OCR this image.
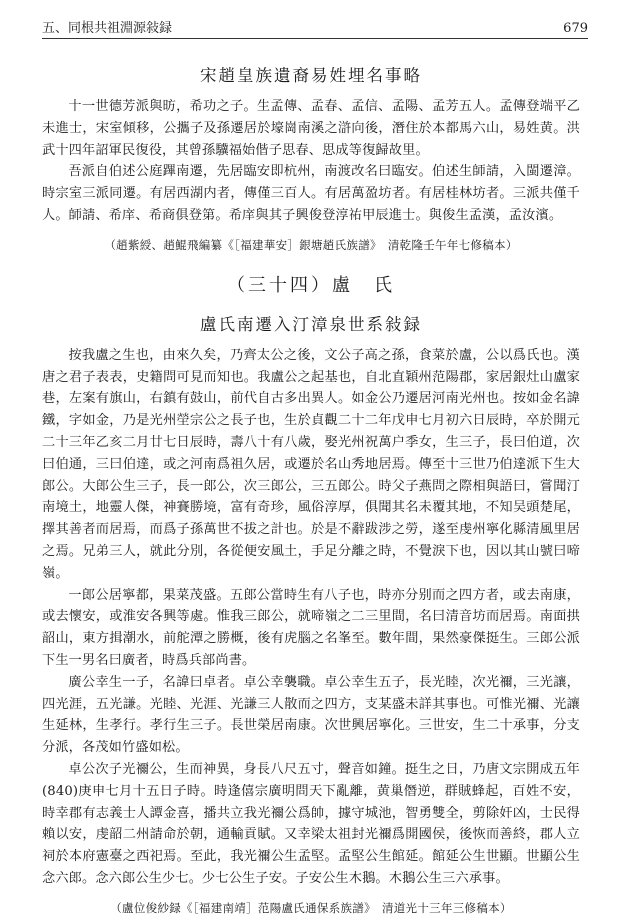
五、同根共祖淵源敍録	679
宋趙皇族遺裔易姓埋名事略

十一世德芳派與昉，希功之子。生孟傳、孟春、孟信、孟陽、孟芳五人。孟傳登端平乙未進士，宋室傾移，公攜子及孫遷居於壕崗南溪之滸向後，潛住於本都馬六山，易姓黄。洪武十四年詔軍民復役，其曾孫驥福始偕子思春、思成等復歸故里。

吾派自伯述公庭蹕南遷，先居臨安即杭州，南渡改名曰臨安。伯述生師請，入閩遷漳。時宗室三派同遷。有居西湖内者，傳僅三百人。有居萬盈坊者。有居桂林坊者。三派共僅千人。師請、希庠、希商俱登第。希庠與其子興俊登淳祐甲辰進士。與俊生孟漢，孟汝濱。

（趙紫綬、趙鯤飛編纂《［福建華安］銀塘趙氏族譜》　清乾隆壬午年七修稿本）
（三十四）盧　氏
盧氏南遷入汀漳泉世系敍録

按我盧之生也，由來久矣，乃齊太公之後，文公子高之孫，食菜於盧，公以爲氏也。漢唐之君子表表，史籍問可見而知也。我盧公之起基也，自北直穎州范陽郡，家居銀灶山盧家巷，左案有旗山，右鎮有鼓山，前代自古多出異人。如金公乃遷居河南光州也。按如金名諱鐵，字如金，乃是光州塋宗公之長子也，生於貞觀二十二年戊申七月初六日辰時，卒於開元二十三年乙亥二月廿七日辰時，壽八十有八歲，娶光州祝萬户季女，生三子，長曰伯道，次曰伯通，三曰伯達，或之河南爲祖久居，或遷於名山秀地居焉。傳至十三世乃伯達派下生大郎公。大郎公生三子，長一郎公，次三郎公，三五郎公。時父子燕問之際相與語曰，嘗聞汀南境土，地靈人傑，神賽勝境，富有奇珍，風俗淳厚，俱聞其名未覆其地，不知吴頭楚尾，擇其善者而居焉，而爲子孫萬世不拔之計也。於是不辭跋涉之勞，遂至虔州寧化縣清風里居之焉。兄弟三人，就此分別，各從便安風土，手足分離之時，不覺淚下也，因以其山號曰啼嶺。

一郎公居寧都，果菜茂盛。五郎公當時生有八子也，時亦分别而之四方者，或去南康，或去懷安，或淮安各興等處。惟我三郎公，就啼嶺之二三里間，名曰清音坊而居焉。南面拱韶山，東方揖潮水，前舵潭之勝概，後有虎腦之名峯至。數年間，果然豪傑挺生。三郎公派下生一男名曰廣者，時爲兵部尚書。

廣公幸生一子，名諱曰卓者。卓公幸襲職。卓公幸生五子，長光睦，次光禰，三光讓，四光涯，五光謙。光睦、光涯、光謙三人散而之四方，支某盛未詳其事也。可惟光禰、光讓生延林，生孝行。孝行生三子。長世榮居南康。次世興居寧化。三世安，生二十承事，分支分派，各茂如竹盛如松。

卓公次子光禰公，生而神異，身長八尺五寸，聲音如鐘。挺生之日，乃唐文宗開成五年(840)庚申七月十五日子時。時逢僖宗廣明問天下亂離，黄巢僭逆，群賊蜂起，百姓不安，時幸郡有志義士人譚金喜，播共立我光禰公爲帥，據守城池，智勇雙全，剪除奸凶，士民得賴以安，虔韶二州請命於朝，通輸貢賦。又幸梁太祖封光禰爲開國侯，後恢而善終，郡人立祠於本府憲臺之西祀焉。至此，我光禰公生孟堅。孟堅公生館延。館延公生世顯。世顯公生念六郎。念六郎公生少七。少七公生子安。子安公生木鵝。木鵝公生三六承事。

（盧位俊紗録《［福建南靖］范陽盧氏通保系族譜》　清道光十三年三修稿本）
